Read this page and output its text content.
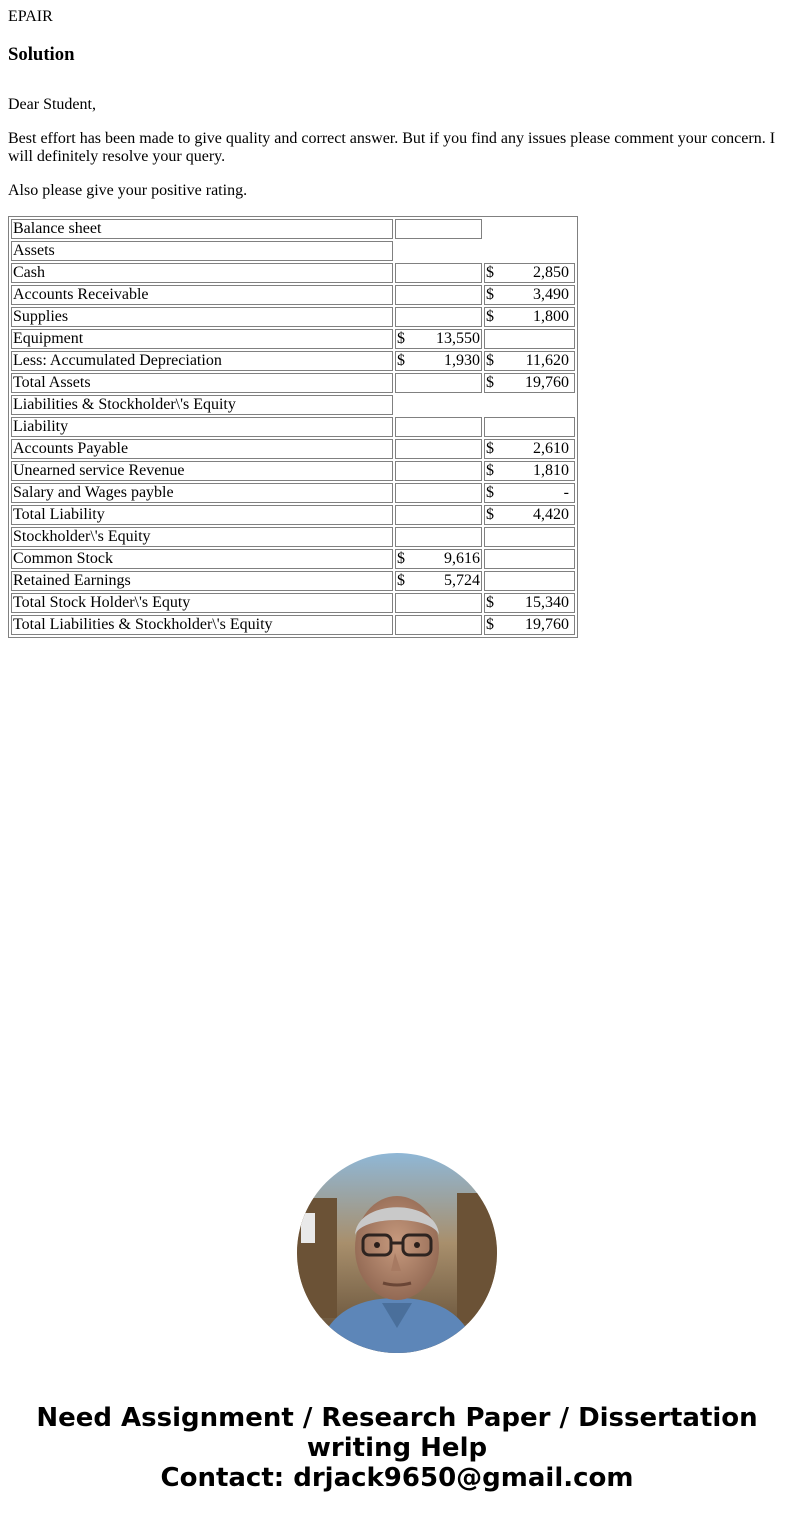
EPAIR

Solution

Dear Student,

Best effort has been made to give quality and correct answer. But if you find any issues please comment your concern. I will definitely resolve your query.

Also please give your positive rating.

Balance sheet		
Assets		
Cash		$ 2,850

Accounts Receivable		$ 3,490

Supplies		$ 1,800

Equipment	$ 13,550	

Less: Accumulated Depreciation	$ 1,930	$ 11,620

Total Assets		$ 19,760

Liabilities & Stockholder\'s Equity		
Liability		
Accounts Payable		$ 2,610

Unearned service Revenue		$ 1,810

Salary and Wages payble		$ -

Total Liability		$ 4,420

Stockholder\'s Equity		
Common Stock	$ 9,616	

Retained Earnings	$ 5,724	

Total Stock Holder\'s Equty		$ 15,340

Total Liabilities & Stockholder\'s Equity		$ 19,760
Need Assignment / Research Paper / Dissertation
writing Help
Contact: drjack9650@gmail.com
